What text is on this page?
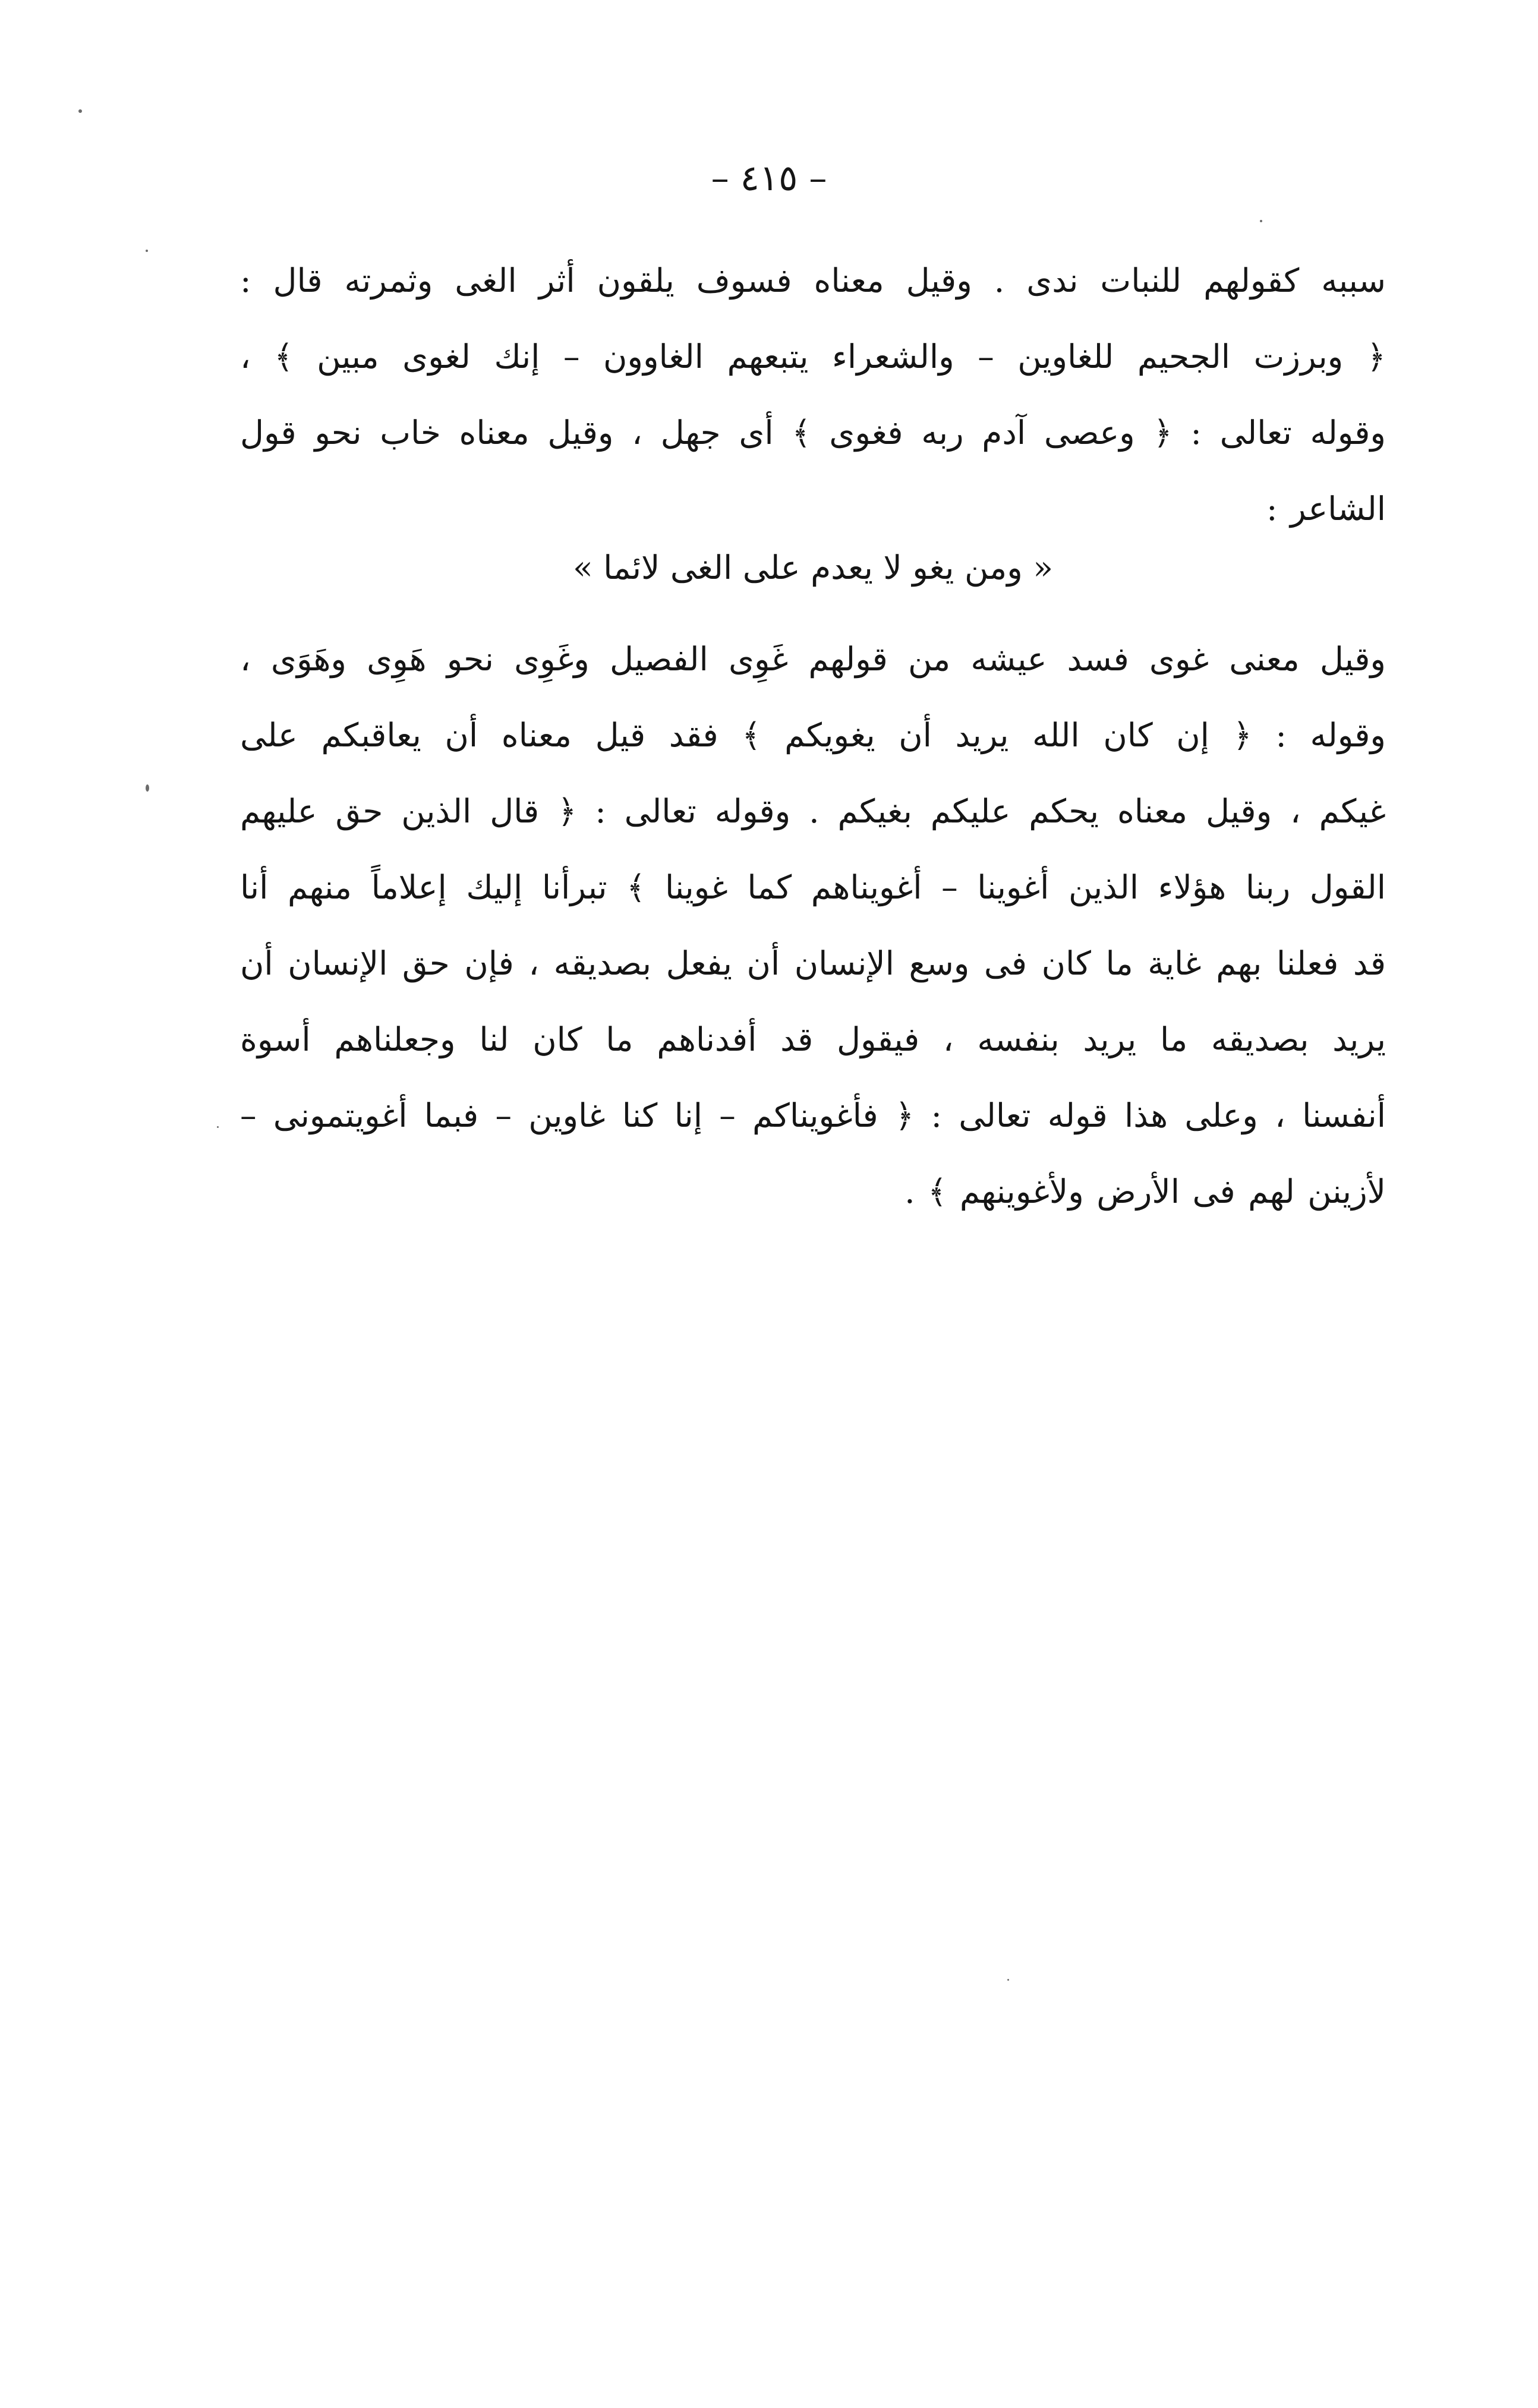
– ٤١٥ –
سببه كقولهم للنبات ندى . وقيل معناه فسوف يلقون أثر الغى وثمرته قال :
﴿ وبرزت الجحيم للغاوين – والشعراء يتبعهم الغاوون – إنك لغوى مبين ﴾ ،
وقوله تعالى : ﴿ وعصى آدم ربه فغوى ﴾ أى جهل ، وقيل معناه خاب نحو قول
الشاعر :
« ومن يغو لا يعدم على الغى لائما »
وقيل معنى غوى فسد عيشه من قولهم غَوِى الفصيل وغَوِى نحو هَوِى وهَوَى ،
وقوله : ﴿ إن كان الله يريد أن يغويكم ﴾ فقد قيل معناه أن يعاقبكم على
غيكم ، وقيل معناه يحكم عليكم بغيكم . وقوله تعالى : ﴿ قال الذين حق عليهم
القول ربنا هؤلاء الذين أغوينا – أغويناهم كما غوينا ﴾ تبرأنا إليك إعلاماً منهم أنا
قد فعلنا بهم غاية ما كان فى وسع الإنسان أن يفعل بصديقه ، فإن حق الإنسان أن
يريد بصديقه ما يريد بنفسه ، فيقول قد أفدناهم ما كان لنا وجعلناهم أسوة
أنفسنا ، وعلى هذا قوله تعالى : ﴿ فأغويناكم – إنا كنا غاوين – فبما أغويتمونى –
لأزينن لهم فى الأرض ولأغوينهم ﴾ .
